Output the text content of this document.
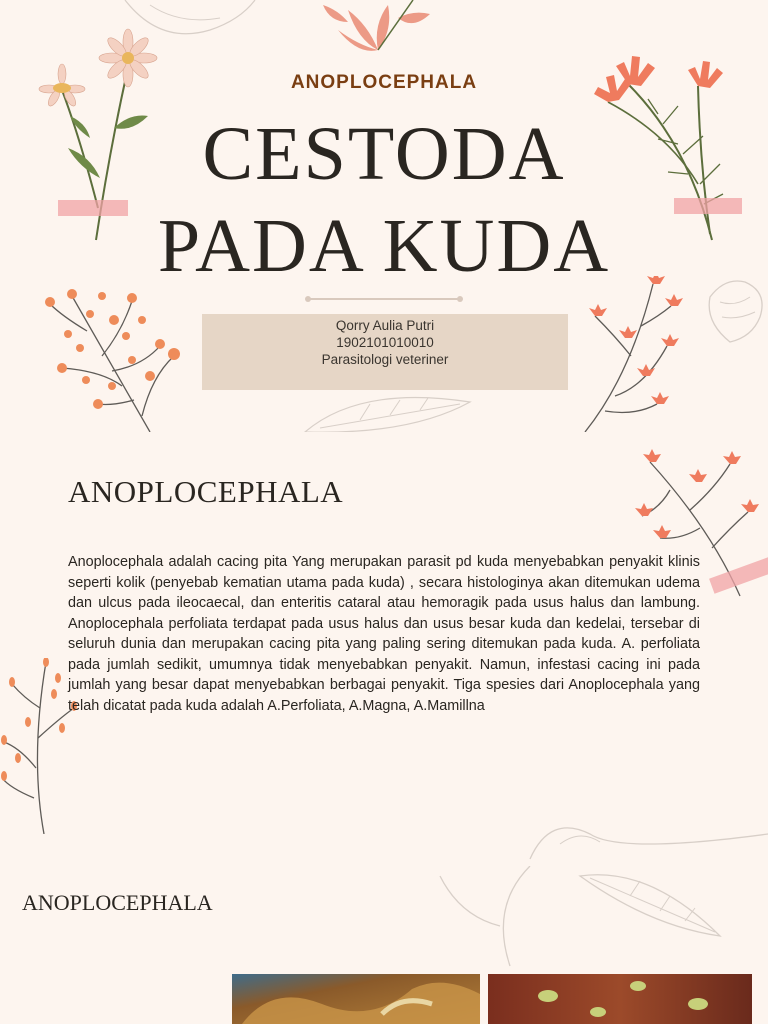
ANOPLOCEPHALA
CESTODA
PADA KUDA
Qorry Aulia Putri
1902101010010
Parasitologi veteriner
ANOPLOCEPHALA
Anoplocephala adalah cacing pita Yang merupakan parasit pd kuda menyebabkan penyakit klinis seperti kolik (penyebab kematian utama pada kuda) , secara histologinya akan ditemukan udema dan ulcus pada ileocaecal, dan enteritis cataral atau hemoragik pada usus halus dan lambung. Anoplocephala perfoliata terdapat pada usus halus dan usus besar kuda dan kedelai, tersebar di seluruh dunia dan merupakan cacing pita yang paling sering ditemukan pada kuda. A. perfoliata pada jumlah sedikit, umumnya tidak menyebabkan penyakit. Namun, infestasi cacing ini pada jumlah yang besar dapat menyebabkan berbagai penyakit. Tiga spesies dari Anoplocephala yang telah dicatat pada kuda adalah A.Perfoliata, A.Magna, A.Mamillna
ANOPLOCEPHALA
